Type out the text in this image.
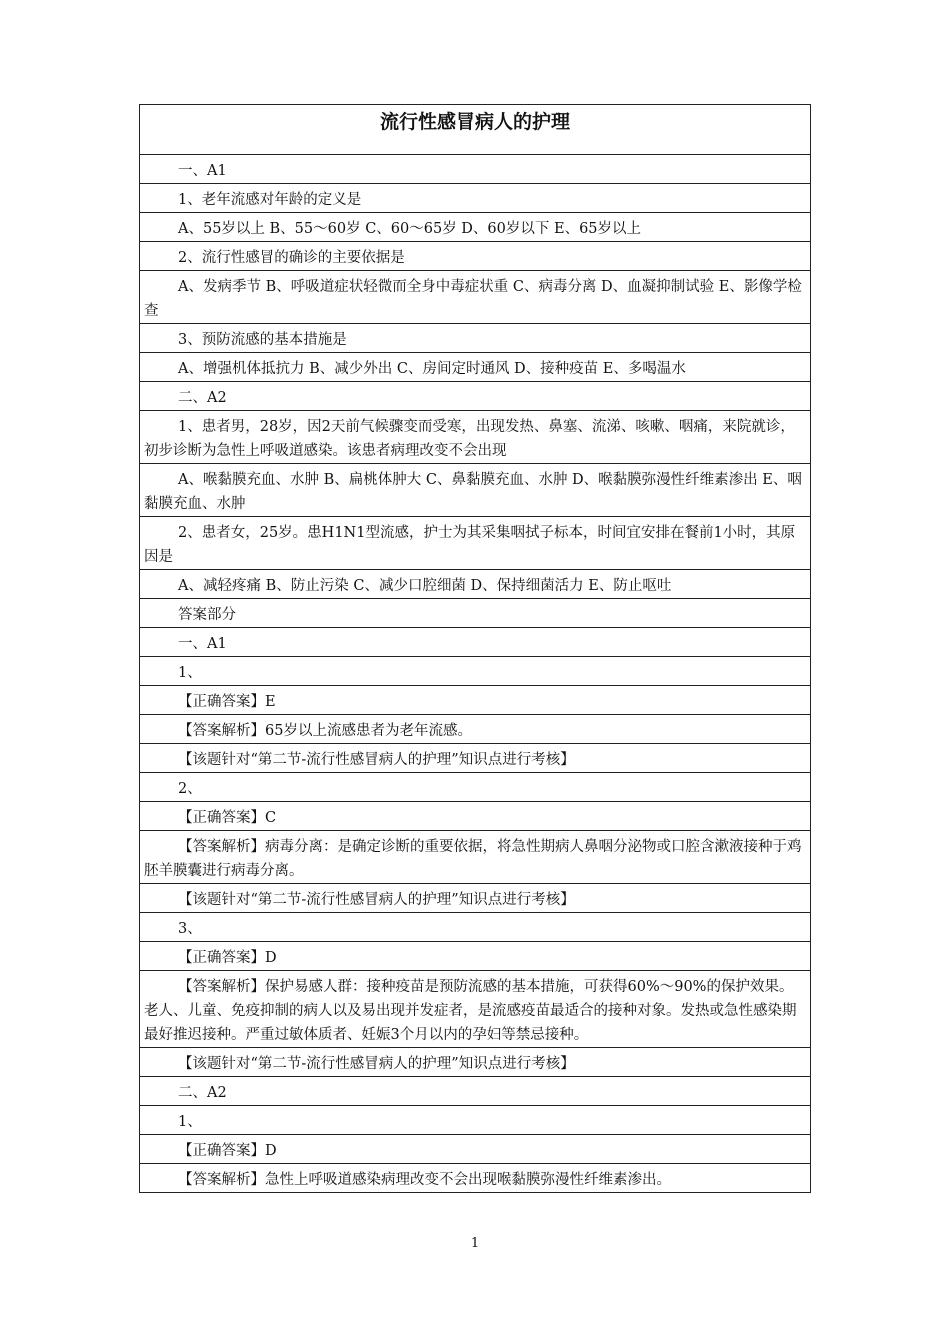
流行性感冒病人的护理
一、A1
1、老年流感对年龄的定义是
A、55岁以上 B、55～60岁 C、60～65岁 D、60岁以下 E、65岁以上
2、流行性感冒的确诊的主要依据是
A、发病季节 B、呼吸道症状轻微而全身中毒症状重 C、病毒分离 D、血凝抑制试验 E、影像学检查
3、预防流感的基本措施是
A、增强机体抵抗力 B、减少外出 C、房间定时通风 D、接种疫苗 E、多喝温水
二、A2
1、患者男，28岁，因2天前气候骤变而受寒，出现发热、鼻塞、流涕、咳嗽、咽痛，来院就诊，初步诊断为急性上呼吸道感染。该患者病理改变不会出现
A、喉黏膜充血、水肿 B、扁桃体肿大 C、鼻黏膜充血、水肿 D、喉黏膜弥漫性纤维素渗出 E、咽黏膜充血、水肿
2、患者女，25岁。患H1N1型流感，护士为其采集咽拭子标本，时间宜安排在餐前1小时，其原因是
A、减轻疼痛 B、防止污染 C、减少口腔细菌 D、保持细菌活力 E、防止呕吐
答案部分
一、A1
1、
【正确答案】E
【答案解析】65岁以上流感患者为老年流感。
【该题针对“第二节-流行性感冒病人的护理”知识点进行考核】
2、
【正确答案】C
【答案解析】病毒分离：是确定诊断的重要依据，将急性期病人鼻咽分泌物或口腔含漱液接种于鸡胚羊膜囊进行病毒分离。
【该题针对“第二节-流行性感冒病人的护理”知识点进行考核】
3、
【正确答案】D
【答案解析】保护易感人群：接种疫苗是预防流感的基本措施，可获得60%～90%的保护效果。老人、儿童、免疫抑制的病人以及易出现并发症者，是流感疫苗最适合的接种对象。发热或急性感染期最好推迟接种。严重过敏体质者、妊娠3个月以内的孕妇等禁忌接种。
【该题针对“第二节-流行性感冒病人的护理”知识点进行考核】
二、A2
1、
【正确答案】D
【答案解析】急性上呼吸道感染病理改变不会出现喉黏膜弥漫性纤维素渗出。
1
